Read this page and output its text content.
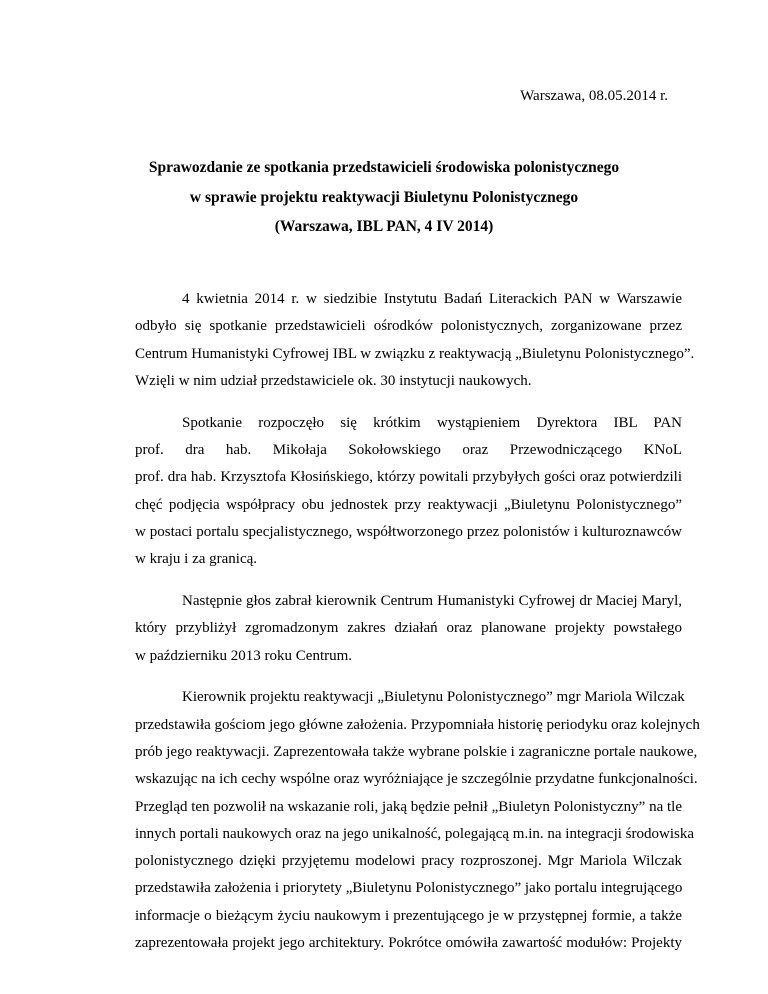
Warszawa, 08.05.2014 r.
Sprawozdanie ze spotkania przedstawicieli środowiska polonistycznego
w sprawie projektu reaktywacji Biuletynu Polonistycznego
(Warszawa, IBL PAN, 4 IV 2014)
4 kwietnia 2014 r. w siedzibie Instytutu Badań Literackich PAN w Warszawie
odbyło się spotkanie przedstawicieli ośrodków polonistycznych, zorganizowane przez
Centrum Humanistyki Cyfrowej IBL w związku z reaktywacją „Biuletynu Polonistycznego”.
Wzięli w nim udział przedstawiciele ok. 30 instytucji naukowych.
Spotkanie rozpoczęło się krótkim wystąpieniem Dyrektora IBL PAN
prof. dra hab. Mikołaja Sokołowskiego oraz Przewodniczącego KNoL
prof. dra hab. Krzysztofa Kłosińskiego, którzy powitali przybyłych gości oraz potwierdzili
chęć podjęcia współpracy obu jednostek przy reaktywacji „Biuletynu Polonistycznego”
w postaci portalu specjalistycznego, współtworzonego przez polonistów i kulturoznawców
w kraju i za granicą.
Następnie głos zabrał kierownik Centrum Humanistyki Cyfrowej dr Maciej Maryl,
który przybliżył zgromadzonym zakres działań oraz planowane projekty powstałego
w październiku 2013 roku Centrum.
Kierownik projektu reaktywacji „Biuletynu Polonistycznego” mgr Mariola Wilczak
przedstawiła gościom jego główne założenia. Przypomniała historię periodyku oraz kolejnych
prób jego reaktywacji. Zaprezentowała także wybrane polskie i zagraniczne portale naukowe,
wskazując na ich cechy wspólne oraz wyróżniające je szczególnie przydatne funkcjonalności.
Przegląd ten pozwolił na wskazanie roli, jaką będzie pełnił „Biuletyn Polonistyczny” na tle
innych portali naukowych oraz na jego unikalność, polegającą m.in. na integracji środowiska
polonistycznego dzięki przyjętemu modelowi pracy rozproszonej. Mgr Mariola Wilczak
przedstawiła założenia i priorytety „Biuletynu Polonistycznego” jako portalu integrującego
informacje o bieżącym życiu naukowym i prezentującego je w przystępnej formie, a także
zaprezentowała projekt jego architektury. Pokrótce omówiła zawartość modułów: Projekty
